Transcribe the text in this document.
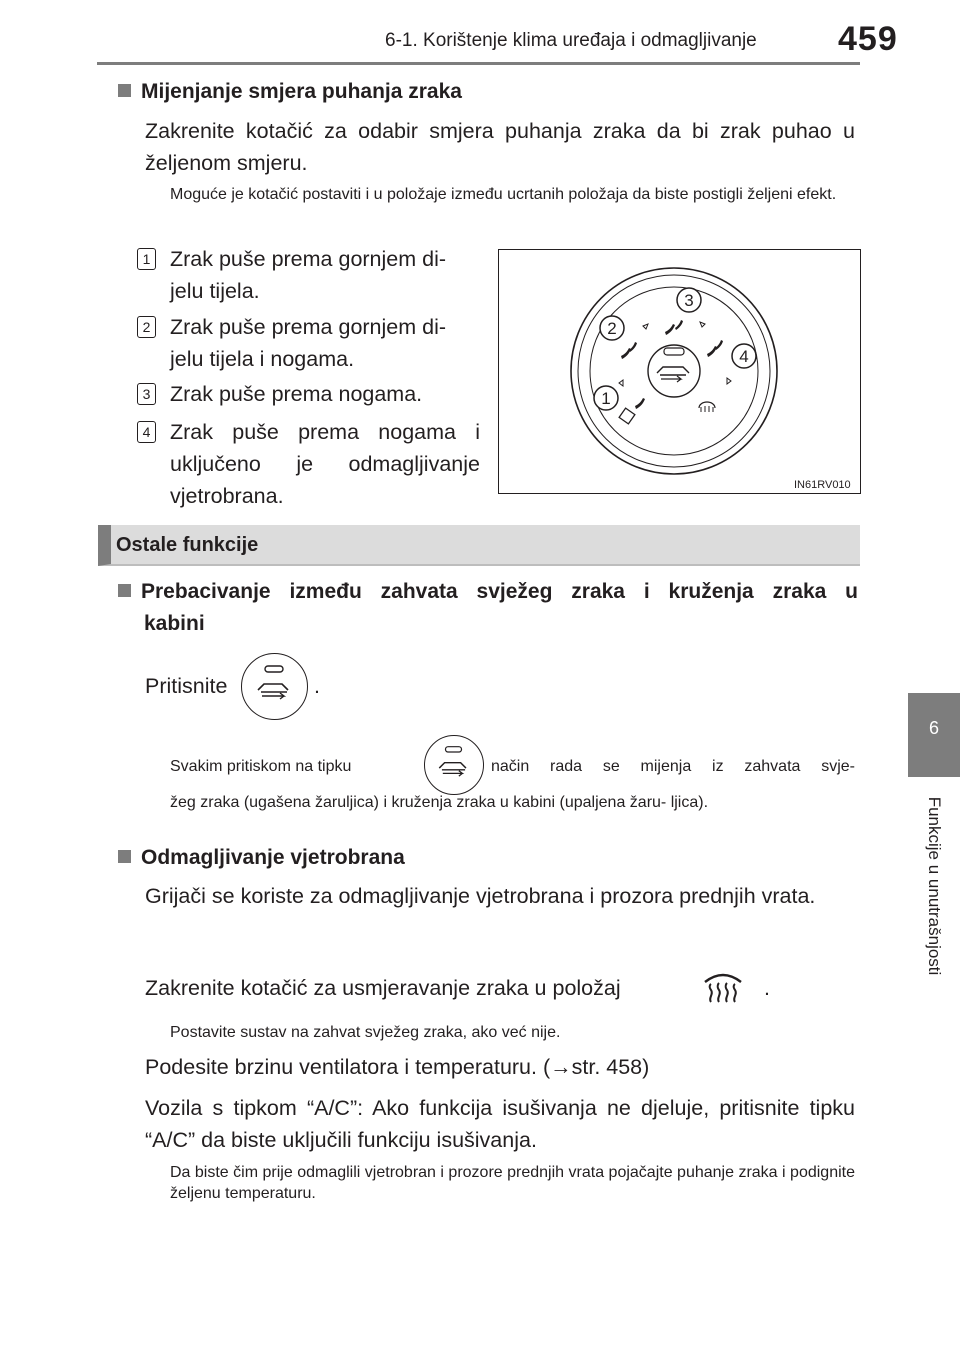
6-1. Korištenje klima uređaja i odmagljivanje 459
6
Funkcije u unutrašnjosti
Mijenjanje smjera puhanja zraka
Zakrenite kotačić za odabir smjera puhanja zraka da bi zrak puhao u željenom smjeru.
Moguće je kotačić postaviti i u položaje između ucrtanih položaja da biste postigli željeni efekt.
1 Zrak puše prema gornjem di-
jelu tijela.
2 Zrak puše prema gornjem di-
jelu tijela i nogama.
3 Zrak puše prema nogama.
4 Zrak puše prema nogama i
uključeno je odmagljivanje
vjetrobrana.
3
2
4
1
IN61RV010
Ostale funkcije
Prebacivanje između zahvata svježeg zraka i kruženja zraka u
kabini
Pritisnite	.
Svakim pritiskom na tipku	način rada se mijenja iz zahvata svje-
žeg zraka (ugašena žaruljica) i kruženja zraka u kabini (upaljena žaru- ljica).
Odmagljivanje vjetrobrana
Grijači se koriste za odmagljivanje vjetrobrana i prozora prednjih vrata.
Zakrenite kotačić za usmjeravanje zraka u položaj	.
Postavite sustav na zahvat svježeg zraka, ako već nije.
Podesite brzinu ventilatora i temperaturu. (→str. 458)
Vozila s tipkom “A/C”: Ako funkcija isušivanja ne djeluje, pritisnite tipku “A/C” da biste uključili funkciju isušivanja.
Da biste čim prije odmaglili vjetrobran i prozore prednjih vrata pojačajte puhanje zraka i podignite željenu temperaturu.
